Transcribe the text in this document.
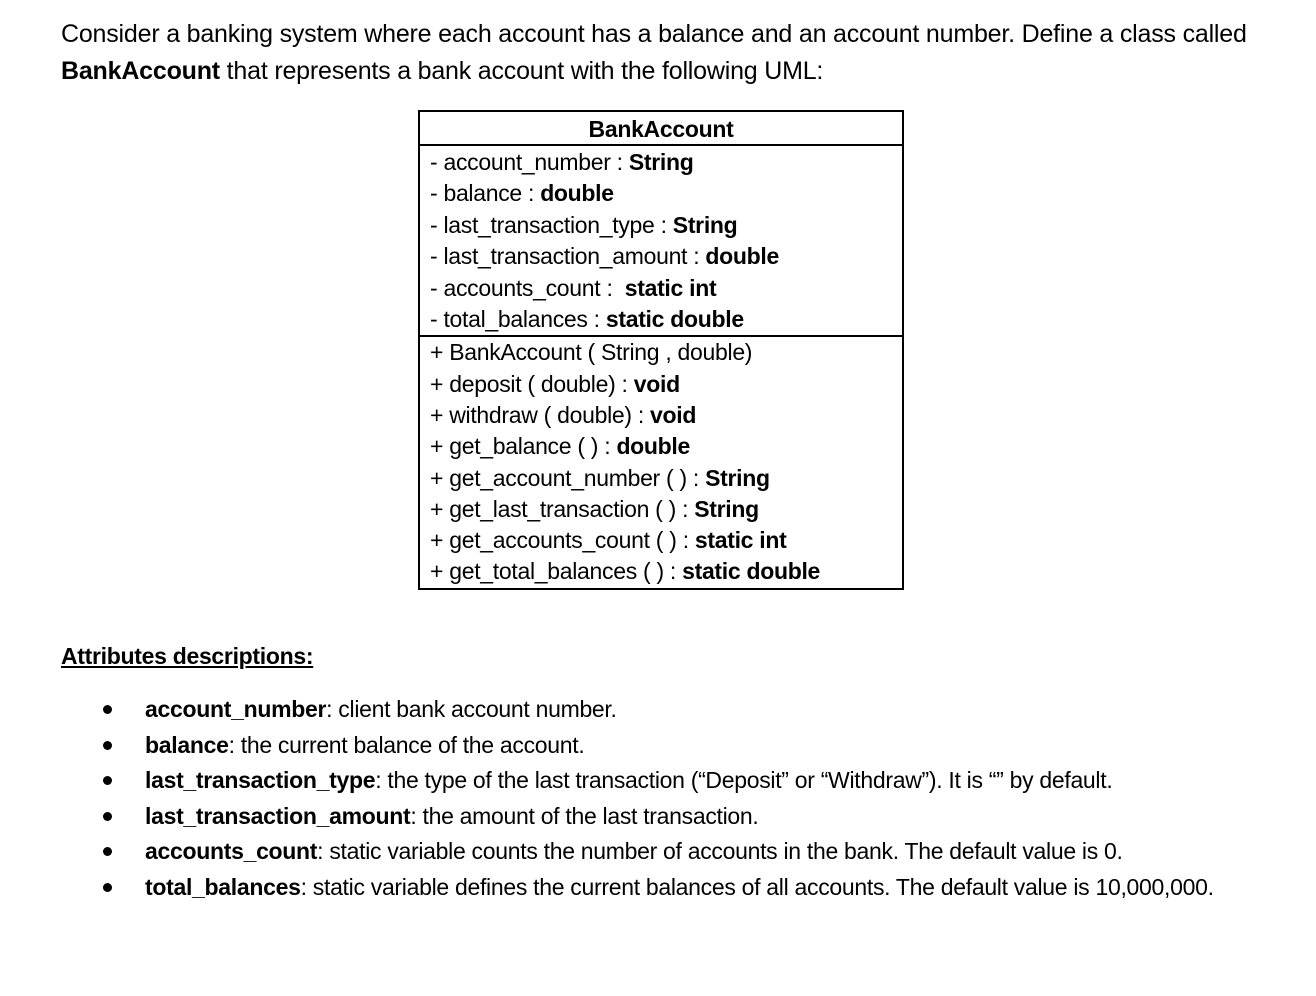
Consider a banking system where each account has a balance and an account number. Define a class called BankAccount that represents a bank account with the following UML:
BankAccount
- account_number : String
- balance : double
- last_transaction_type : String
- last_transaction_amount : double
- accounts_count :  static int
- total_balances : static double
+ BankAccount ( String , double)
+ deposit ( double) : void
+ withdraw ( double) : void
+ get_balance ( ) : double
+ get_account_number ( ) : String
+ get_last_transaction ( ) : String
+ get_accounts_count ( ) : static int
+ get_total_balances ( ) : static double
Attributes descriptions:
account_number: client bank account number.
balance: the current balance of the account.
last_transaction_type: the type of the last transaction (“Deposit” or “Withdraw”). It is “” by default.
last_transaction_amount: the amount of the last transaction.
accounts_count: static variable counts the number of accounts in the bank. The default value is 0.
total_balances: static variable defines the current balances of all accounts. The default value is 10,000,000.
